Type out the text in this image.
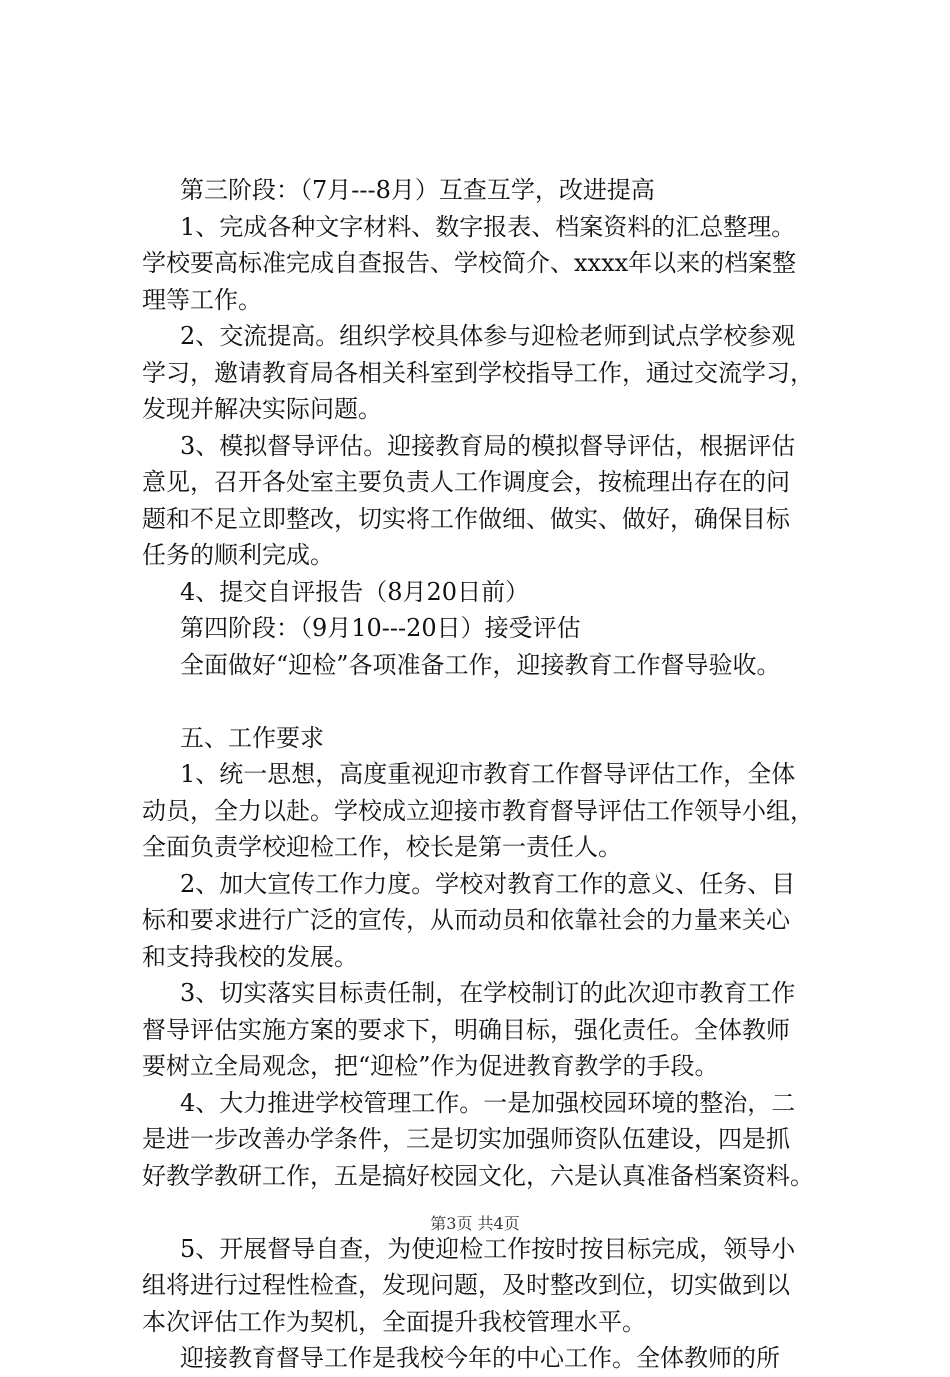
第三阶段：（7月---8月）互查互学，改进提高
1、完成各种文字材料、数字报表、档案资料的汇总整理。
学校要高标准完成自查报告、学校简介、xxxx年以来的档案整
理等工作。
2、交流提高。组织学校具体参与迎检老师到试点学校参观
学习，邀请教育局各相关科室到学校指导工作，通过交流学习，
发现并解决实际问题。
3、模拟督导评估。迎接教育局的模拟督导评估，根据评估
意见，召开各处室主要负责人工作调度会，按梳理出存在的问
题和不足立即整改，切实将工作做细、做实、做好，确保目标
任务的顺利完成。
4、提交自评报告（8月20日前）
第四阶段：（9月10---20日）接受评估
全面做好“迎检”各项准备工作，迎接教育工作督导验收。
五、工作要求
1、统一思想，高度重视迎市教育工作督导评估工作，全体
动员，全力以赴。学校成立迎接市教育督导评估工作领导小组，
全面负责学校迎检工作，校长是第一责任人。
2、加大宣传工作力度。学校对教育工作的意义、任务、目
标和要求进行广泛的宣传，从而动员和依靠社会的力量来关心
和支持我校的发展。
3、切实落实目标责任制，在学校制订的此次迎市教育工作
督导评估实施方案的要求下，明确目标，强化责任。全体教师
要树立全局观念，把“迎检”作为促进教育教学的手段。
4、大力推进学校管理工作。一是加强校园环境的整治，二
是进一步改善办学条件，三是切实加强师资队伍建设，四是抓
好教学教研工作，五是搞好校园文化，六是认真准备档案资料。
5、开展督导自查，为使迎检工作按时按目标完成，领导小
组将进行过程性检查，发现问题，及时整改到位，切实做到以
本次评估工作为契机，全面提升我校管理水平。
迎接教育督导工作是我校今年的中心工作。全体教师的所
第3页 共4页
